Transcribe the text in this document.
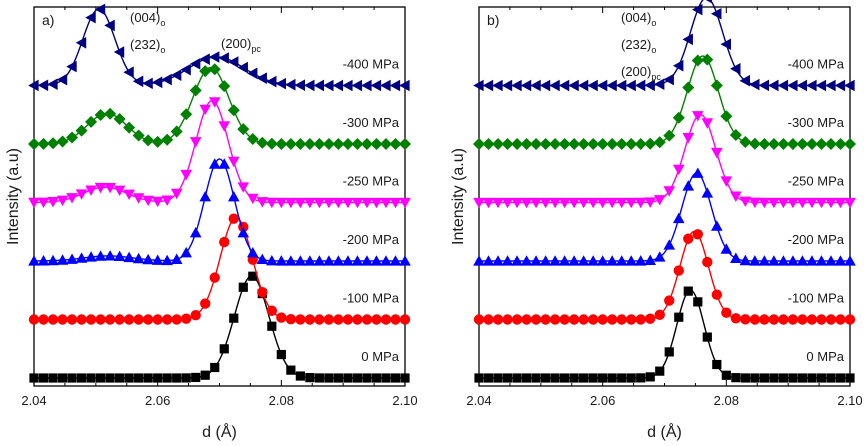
2.04	2.06	2.08	2.10
d (Å)
Intensity (a.u)
a)
0 MPa
-100 MPa
-200 MPa
-250 MPa
-300 MPa
-400 MPa
$(004)_o$
$(232)_o$	$(200)_{pc}$
2.04	2.06	2.08	2.10
d (Å)
Intensity (a.u)
b)
0 MPa
-100 MPa
-200 MPa
-250 MPa
-300 MPa
-400 MPa
$(004)_o$
$(232)_o$
$(200)_{pc}$
